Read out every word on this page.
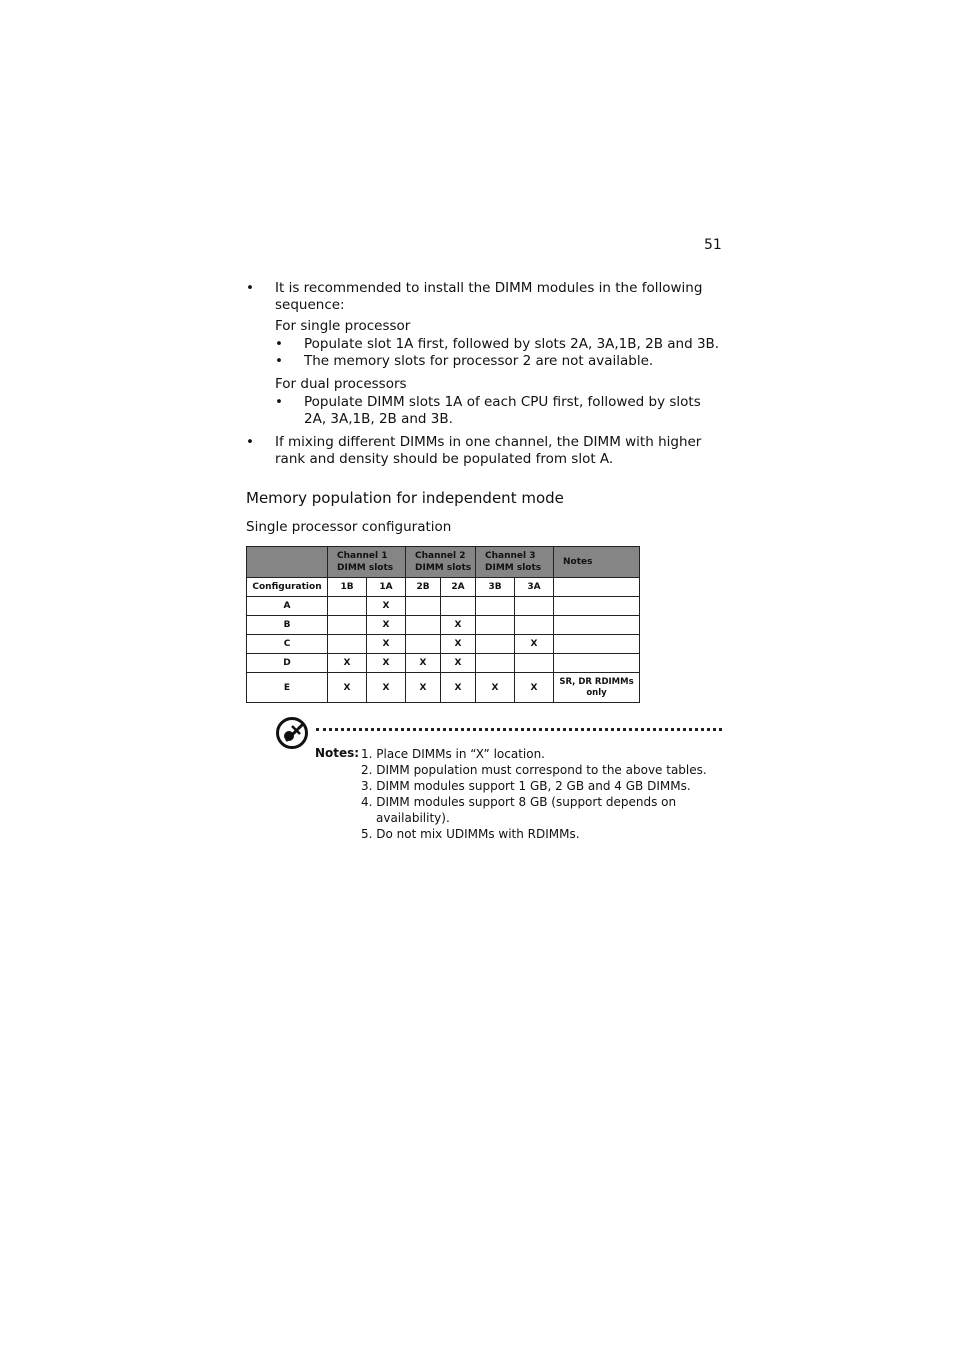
51
• It is recommended to install the DIMM modules in the following sequence:
For single processor
• Populate slot 1A first, followed by slots 2A, 3A,1B, 2B and 3B.
• The memory slots for processor 2 are not available.
For dual processors
• Populate DIMM slots 1A of each CPU first, followed by slots 2A, 3A,1B, 2B and 3B.
• If mixing different DIMMs in one channel, the DIMM with higher rank and density should be populated from slot A.
Memory population for independent mode
Single processor configuration
	Channel 1
DIMM slots		Channel 2
DIMM slots		Channel 3
DIMM slots		Notes
Configuration	1B	1A	2B	2A	3B	3A	
A		X					
B		X		X			
C		X		X		X	
D	X	X	X	X			
E	X	X	X	X	X	X	SR, DR RDIMMs only
Notes: 1. Place DIMMs in “X” location.
2. DIMM population must correspond to the above tables.
3. DIMM modules support 1 GB, 2 GB and 4 GB DIMMs.
4. DIMM modules support 8 GB (support depends on availability).
5. Do not mix UDIMMs with RDIMMs.
